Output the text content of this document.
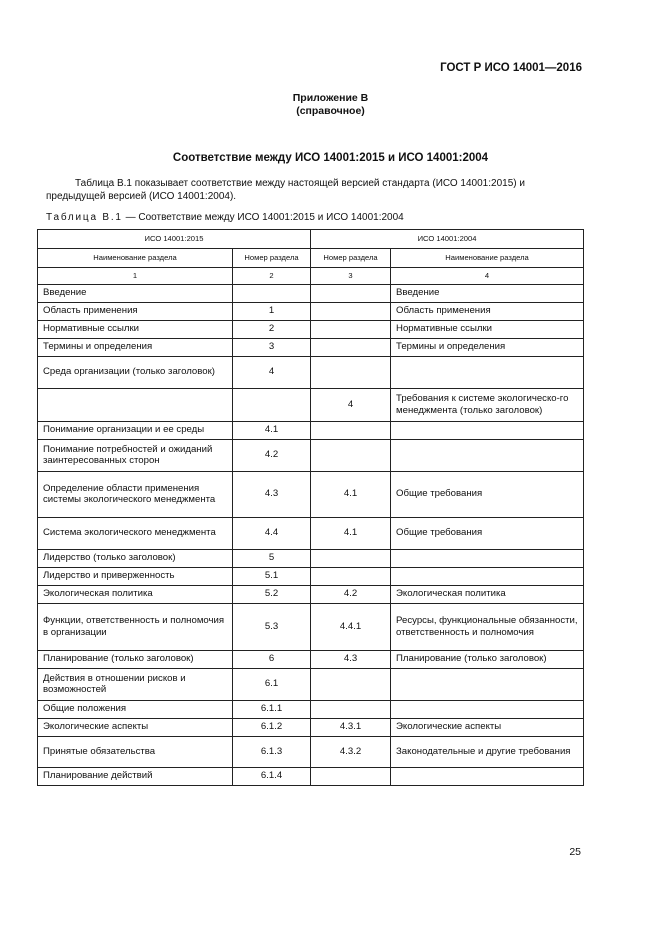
ГОСТ Р ИСО 14001—2016
Приложение В
(справочное)
Соответствие между ИСО 14001:2015 и ИСО 14001:2004

Таблица В.1 показывает соответствие между настоящей версией стандарта (ИСО 14001:2015) и предыдущей версией (ИСО 14001:2004).

Таблица В.1 — Соответствие между ИСО 14001:2015 и ИСО 14001:2004
ИСО 14001:2015		ИСО 14001:2004	
Наименование раздела	Номер раздела	Номер раздела	Наименование раздела
1	2	3	4
Введение			Введение
Область применения	1		Область применения
Нормативные ссылки	2		Нормативные ссылки
Термины и определения	3		Термины и определения
Среда организации (только заголовок)	4		
		4	Требования к системе экологическо-го менеджмента (только заголовок)
Понимание организации и ее среды	4.1		
Понимание потребностей и ожиданий заинтересованных сторон	4.2		
Определение области применения системы экологического менеджмента	4.3	4.1	Общие требования
Система экологического менеджмента	4.4	4.1	Общие требования
Лидерство (только заголовок)	5		
Лидерство и приверженность	5.1		
Экологическая политика	5.2	4.2	Экологическая политика
Функции, ответственность и полномочия в организации	5.3	4.4.1	Ресурсы, функциональные обязанности, ответственность и полномочия
Планирование (только заголовок)	6	4.3	Планирование (только заголовок)
Действия в отношении рисков и возможностей	6.1		
Общие положения	6.1.1		
Экологические аспекты	6.1.2	4.3.1	Экологические аспекты
Принятые обязательства	6.1.3	4.3.2	Законодательные и другие требования
Планирование действий	6.1.4		
25
